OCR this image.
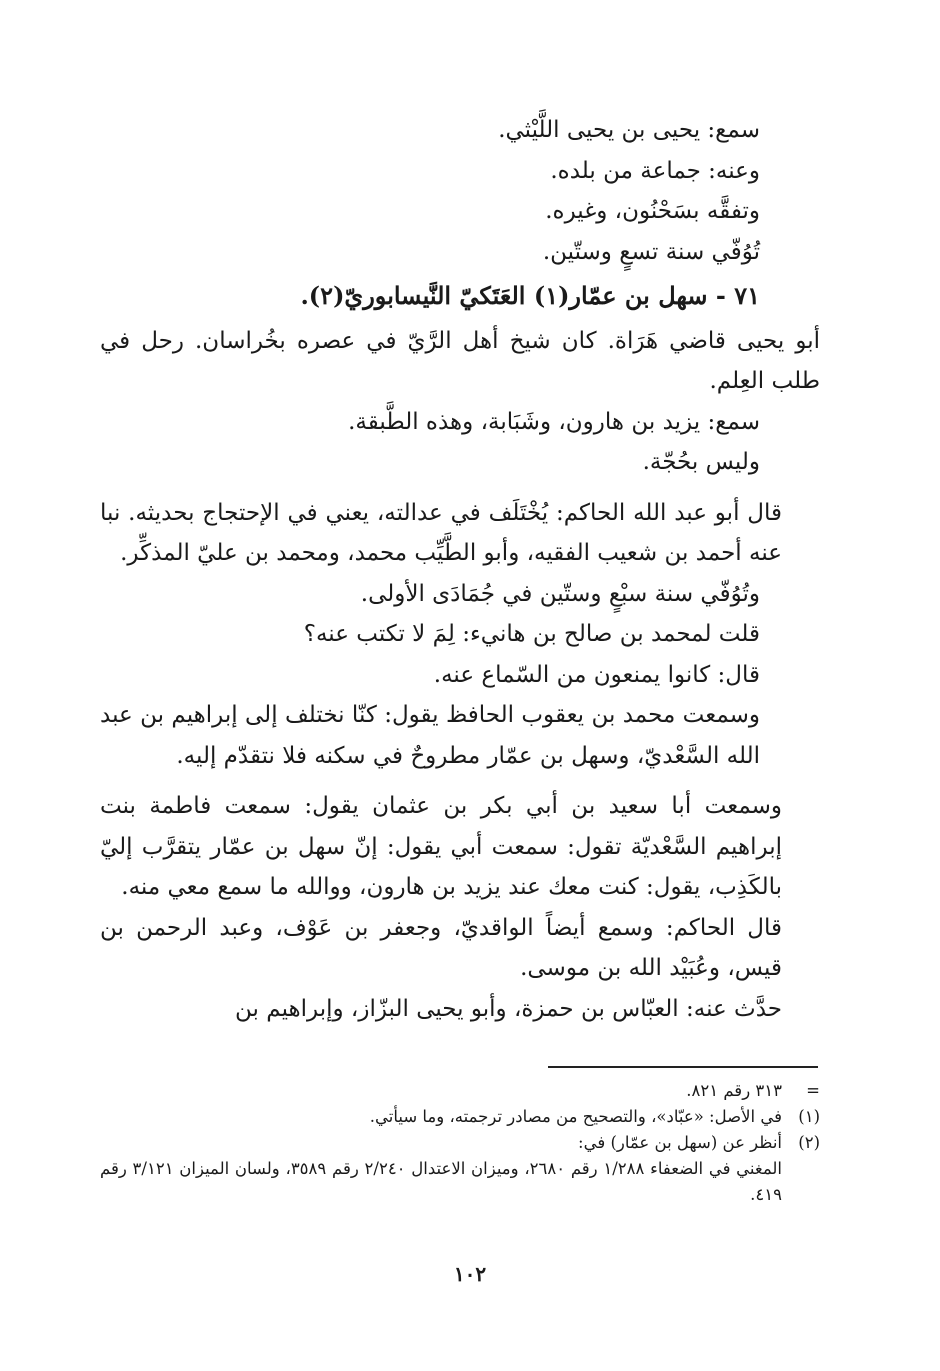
سمع: يحيى بن يحيى اللَّيْثي.

وعنه: جماعة من بلده.

وتفقَّه بسَحْنُون، وغيره.

تُوُفّي سنة تسعٍ وستّين.

٧١ - سهل بن عمّار(١) العَتَكيّ النَّيسابوريّ(٢).

أبو يحيى قاضي هَرَاة. كان شيخ أهل الرَّيّ في عصره بخُراسان. رحل في طلب العِلم.

سمع: يزيد بن هارون، وشَبَابة، وهذه الطَّبقة.

وليس بحُجّة.

قال أبو عبد الله الحاكم: يُخْتَلَف في عدالته، يعني في الإحتجاج بحديثه. نبا عنه أحمد بن شعيب الفقيه، وأبو الطَّيِّب محمد، ومحمد بن عليّ المذكِّر.

وتُوُفّي سنة سبْعٍ وستّين في جُمَادَى الأولى.

قلت لمحمد بن صالح بن هانيء: لِمَ لا تكتب عنه؟

قال: كانوا يمنعون من السّماع عنه.

وسمعت محمد بن يعقوب الحافظ يقول: كنّا نختلف إلى إبراهيم بن عبد الله السَّعْديّ، وسهل بن عمّار مطروحٌ في سكنه فلا نتقدّم إليه.

وسمعت أبا سعيد بن أبي بكر بن عثمان يقول: سمعت فاطمة بنت إبراهيم السَّعْديّة تقول: سمعت أبي يقول: إنّ سهل بن عمّار يتقرَّب إليّ بالكَذِب، يقول: كنت معك عند يزيد بن هارون، ووالله ما سمع معي منه.

قال الحاكم: وسمع أيضاً الواقديّ، وجعفر بن عَوْف، وعبد الرحمن بن قيس، وعُبَيْد الله بن موسى.

حدَّث عنه: العبّاس بن حمزة، وأبو يحيى البزّاز، وإبراهيم بن

=
٣١٣ رقم ٨٢١.
(١)
في الأصل: «عبّاد»، والتصحيح من مصادر ترجمته، وما سيأتي.
(٢)
أنظر عن (سهل بن عمّار) في:
المغني في الضعفاء ١/٢٨٨ رقم ٢٦٨٠، وميزان الاعتدال ٢/٢٤٠ رقم ٣٥٨٩، ولسان الميزان ٣/١٢١ رقم ٤١٩.
١٠٢
